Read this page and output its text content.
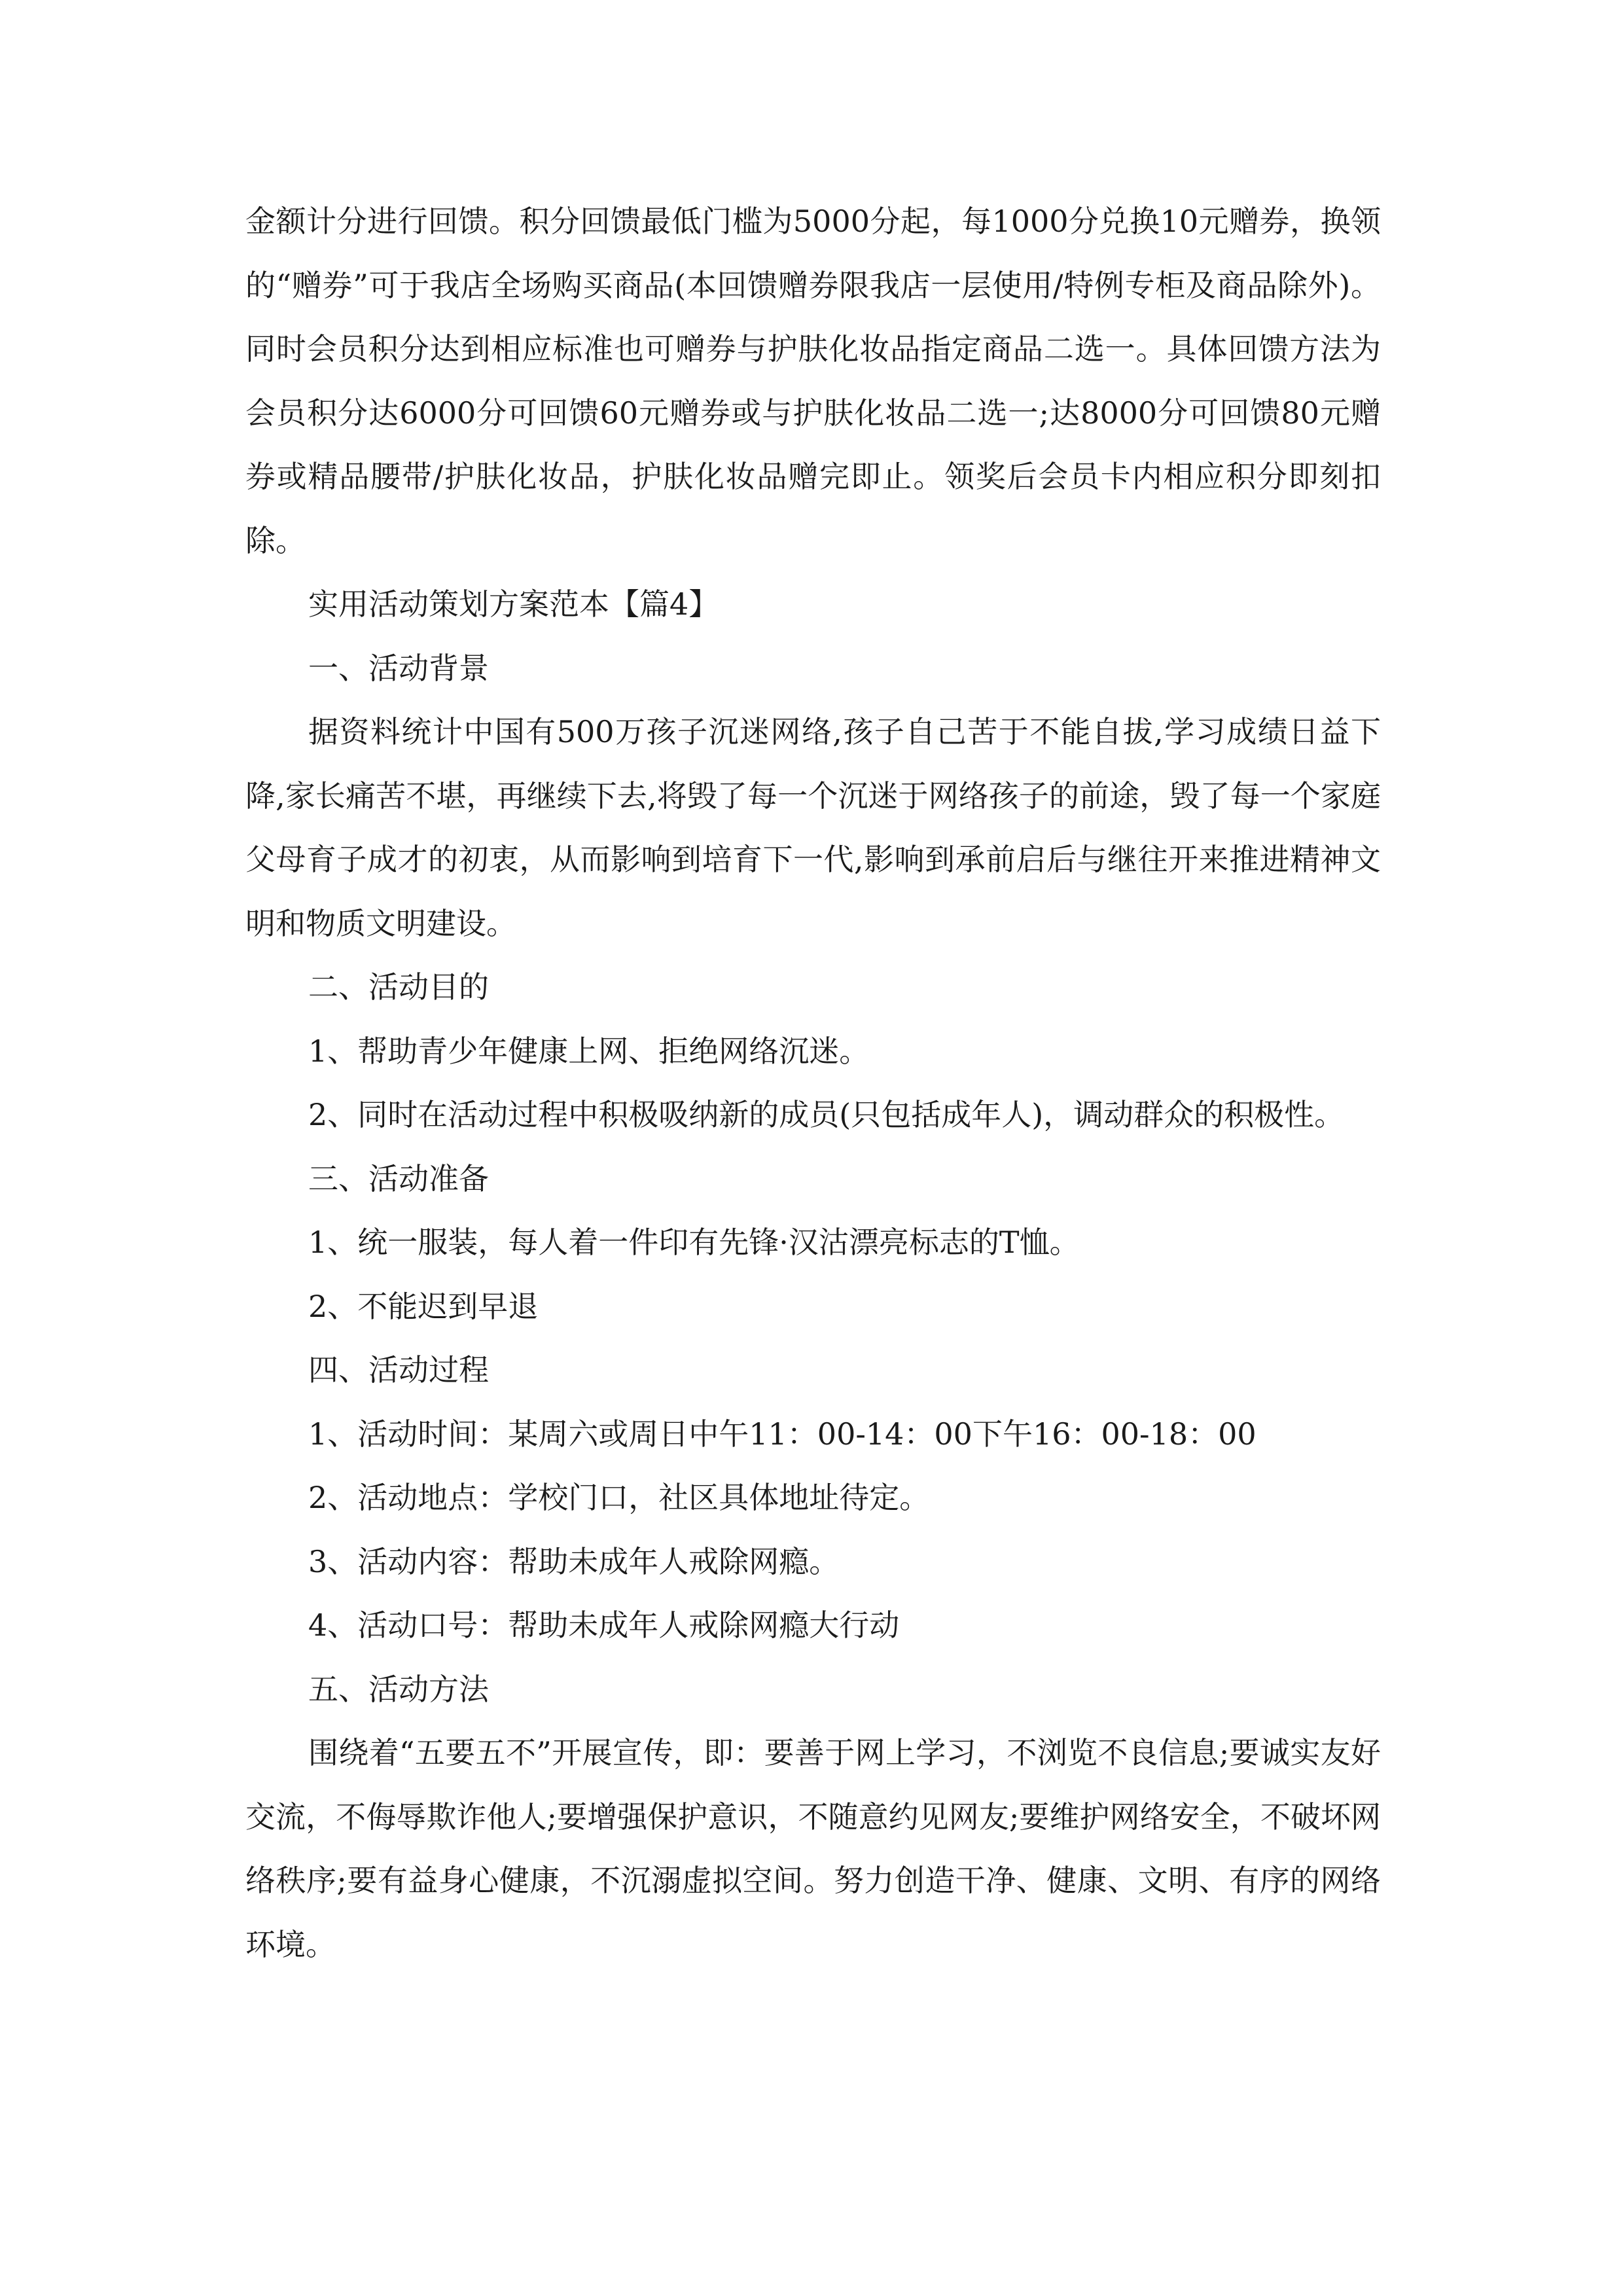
金额计分进行回馈。积分回馈最低门槛为5000分起，每1000分兑换10元赠券，换领的“赠券”可于我店全场购买商品(本回馈赠券限我店一层使用/特例专柜及商品除外)。同时会员积分达到相应标准也可赠券与护肤化妆品指定商品二选一。具体回馈方法为会员积分达6000分可回馈60元赠券或与护肤化妆品二选一;达8000分可回馈80元赠券或精品腰带/护肤化妆品，护肤化妆品赠完即止。领奖后会员卡内相应积分即刻扣除。

实用活动策划方案范本【篇4】

一、活动背景

据资料统计中国有500万孩子沉迷网络,孩子自己苦于不能自拔,学习成绩日益下降,家长痛苦不堪，再继续下去,将毁了每一个沉迷于网络孩子的前途，毁了每一个家庭父母育子成才的初衷，从而影响到培育下一代,影响到承前启后与继往开来推进精神文明和物质文明建设。

二、活动目的

1、帮助青少年健康上网、拒绝网络沉迷。

2、同时在活动过程中积极吸纳新的成员(只包括成年人)，调动群众的积极性。

三、活动准备

1、统一服装，每人着一件印有先锋·汉沽漂亮标志的T恤。

2、不能迟到早退

四、活动过程

1、活动时间：某周六或周日中午11：00-14：00下午16：00-18：00

2、活动地点：学校门口，社区具体地址待定。

3、活动内容：帮助未成年人戒除网瘾。

4、活动口号：帮助未成年人戒除网瘾大行动

五、活动方法

围绕着“五要五不”开展宣传，即：要善于网上学习，不浏览不良信息;要诚实友好交流，不侮辱欺诈他人;要增强保护意识，不随意约见网友;要维护网络安全，不破坏网络秩序;要有益身心健康，不沉溺虚拟空间。努力创造干净、健康、文明、有序的网络环境。
